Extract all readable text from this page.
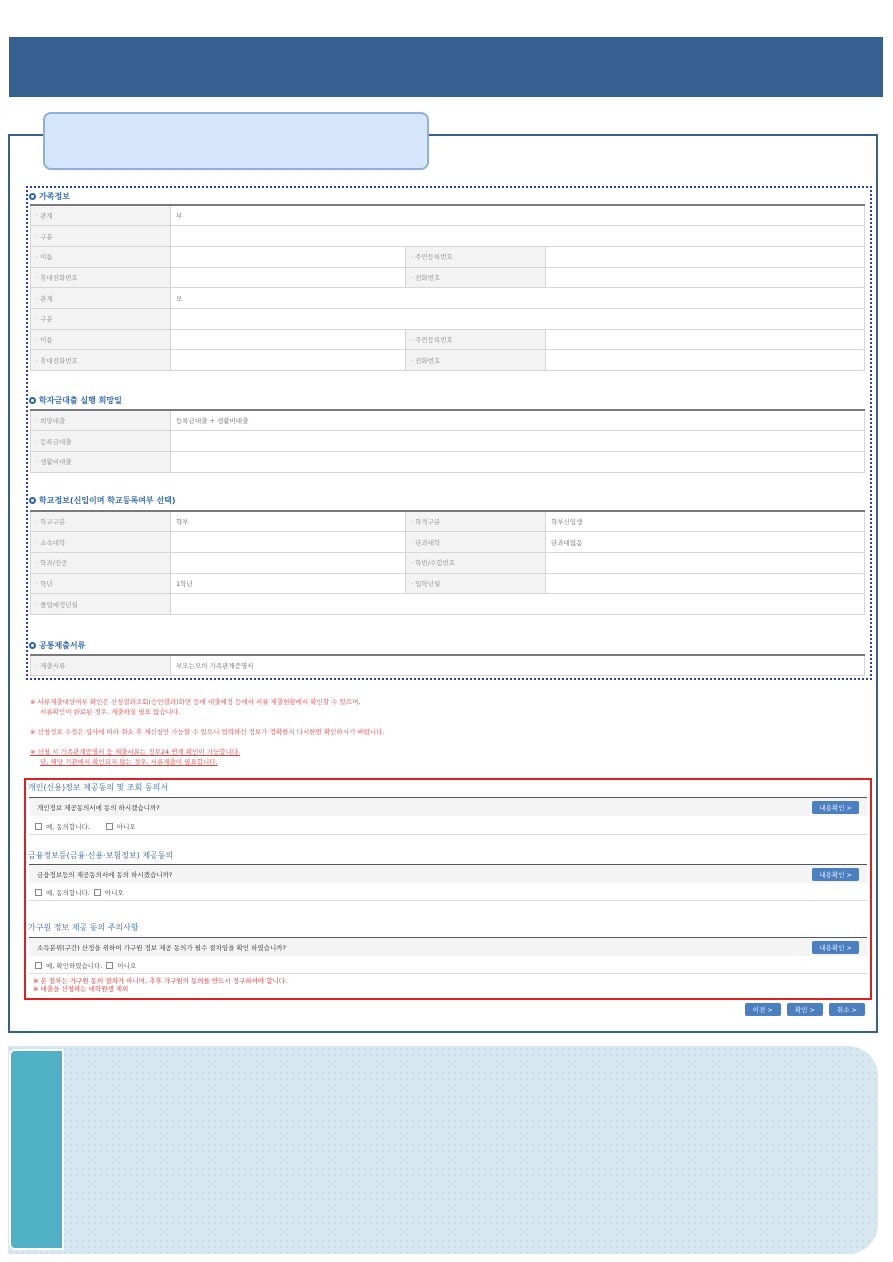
가족정보
· 관계	부		
· 구분	
· 이름		· 주민등록번호	
· 휴대전화번호		· 전화번호	
· 관계	모		
· 구분	
· 이름		· 주민등록번호	
· 휴대전화번호		· 전화번호	
학자금대출 실행 희망일
· 희망대출	등록금대출 + 생활비대출
· 등록금대출	
· 생활비대출	
학교정보(신입이며 학교등록여부 선택)
· 학교구분	학부	· 학적구분	학부신입생
· 소속대학		· 단과대학	단과대없음
· 학과/전공		· 학번/수험번호	
· 학년	1학년	· 입학년월	
· 졸업예정년월	
공통제출서류
· 제출서류	부모는모의 가족관계증명서
※ 서류제출대상여부 확인은 신청결과조회(승인결과)화면 등에 대출예정 등에서 서류 제출현황에서 확인할 수 있으며,
서류확인이 완료된 경우, 제출하실 필요 없습니다.
※ 신청정보 수정은 심사에 따라 취소 후 재신청만 가능할 수 있으니 입력하신 정보가 정확한지 다시한번 확인하시기 바랍니다.
※ 신청 시 가족관계증명서 등 제출서류는 정부24 연계 확인이 가능합니다.
단, 해당 기관에서 확인되지 않는 경우, 서류제출이 필요합니다.
개인(신용)정보 제공동의 및 조회 동의서
개인정보 제공동의서에 동의 하시겠습니까?	내용확인 >
예, 동의합니다.	아니오
금융정보등(금융·신용·보험정보) 제공동의
금융정보등의 제공동의서에 동의 하시겠습니까?	내용확인 >
예, 동의합니다. 아니오
가구원 정보 제공 동의 주의사항
소득분위(구간) 산정을 위하여 가구원 정보 제공 동의가 필수 절차임을 확인 하였습니까?	내용확인 >
예, 확인하였습니다. 아니오
※ 본 절차는 가구원 동의 절차가 아니며, 추후 가구원의 동의를 반드시 징구하셔야 합니다.
※ 대출을 신청하는 대학원생 제외
이전 >	확인 >	취소 >
